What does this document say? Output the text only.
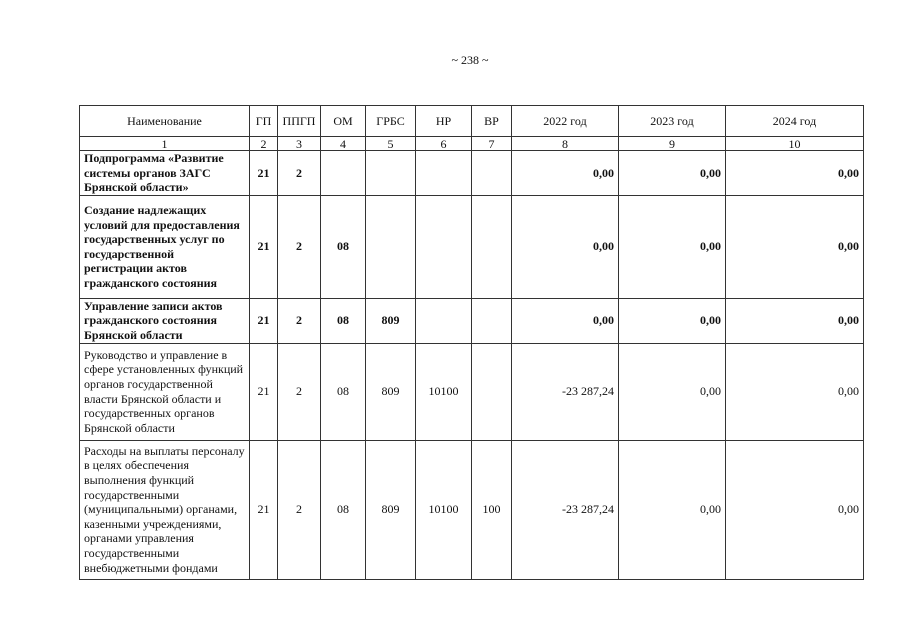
~ 238 ~
Наименование	ГП	ППГП	ОМ	ГРБС	НР	ВР	2022 год	2023 год	2024 год
1	2	3	4	5	6	7	8	9	10
Подпрограмма «Развитие системы органов ЗАГС Брянской области»	21	2					0,00	0,00	0,00
Создание надлежащих условий для предоставления государственных услуг по государственной регистрации актов гражданского состояния	21	2	08				0,00	0,00	0,00
Управление записи актов гражданского состояния Брянской области	21	2	08	809			0,00	0,00	0,00
Руководство и управление в сфере установленных функций органов государственной власти Брянской области и государственных органов Брянской области	21	2	08	809	10100		-23 287,24	0,00	0,00
Расходы на выплаты персоналу в целях обеспечения выполнения функций государственными (муниципальными) органами, казенными учреждениями, органами управления государственными внебюджетными фондами	21	2	08	809	10100	100	-23 287,24	0,00	0,00
